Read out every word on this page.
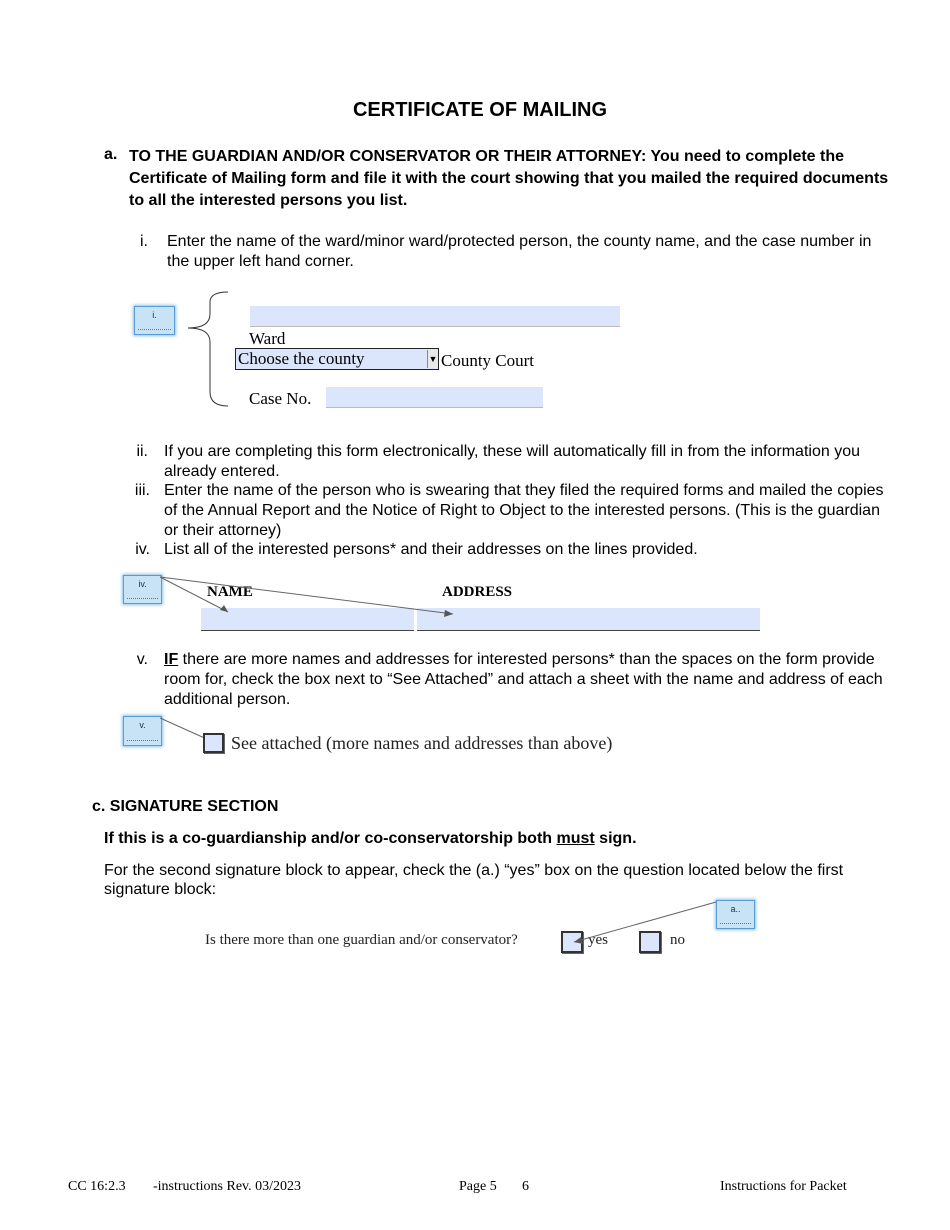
CERTIFICATE OF MAILING
a. TO THE GUARDIAN AND/OR CONSERVATOR OR THEIR ATTORNEY: You need to complete the Certificate of Mailing form and file it with the court showing that you mailed the required documents to all the interested persons you list.
i. Enter the name of the ward/minor ward/protected person, the county name, and the case number in the upper left hand corner.
i.
Ward
Choose the county	▼ County Court
Case No.
ii. If you are completing this form electronically, these will automatically fill in from the information you already entered.
iii. Enter the name of the person who is swearing that they filed the required forms and mailed the copies of the Annual Report and the Notice of Right to Object to the interested persons. (This is the guardian or their attorney)
iv. List all of the interested persons* and their addresses on the lines provided.
iv.	NAME	ADDRESS
v. IF there are more names and addresses for interested persons* than the spaces on the form provide room for, check the box next to “See Attached” and attach a sheet with the name and address of each additional person.
v.
See attached (more names and addresses than above)
c. SIGNATURE SECTION
If this is a co-guardianship and/or co-conservatorship both must sign.
For the second signature block to appear, check the (a.) “yes” box on the question located below the first signature block:
a..
Is there more than one guardian and/or conservator?	yes	no
CC 16:2.3 -instructions Rev. 03/2023	Page 5 6	Instructions for Packet
